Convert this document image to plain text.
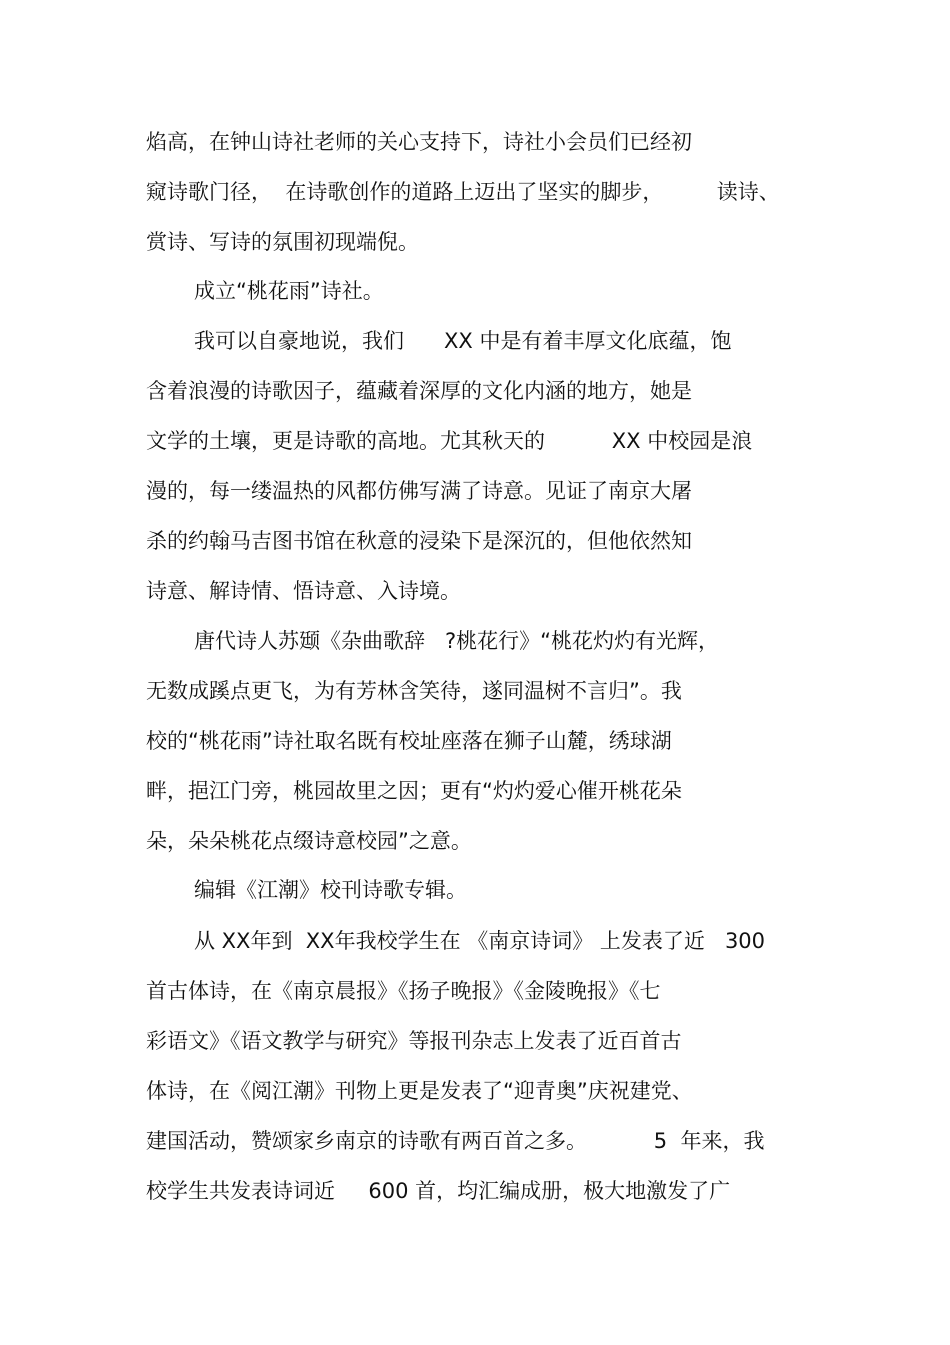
焰高，在钟山诗社老师的关心支持下，诗社小会员们已经初
窥诗歌门径，  在诗歌创作的道路上迈出了坚实的脚步，        读诗、
赏诗、写诗的氛围初现端倪。
成立“桃花雨”诗社。
我可以自豪地说，我们      XX 中是有着丰厚文化底蕴，饱
含着浪漫的诗歌因子，蕴藏着深厚的文化内涵的地方，她是
文学的土壤，更是诗歌的高地。尤其秋天的          XX 中校园是浪
漫的，每一缕温热的风都仿佛写满了诗意。见证了南京大屠
杀的约翰马吉图书馆在秋意的浸染下是深沉的，但他依然知
诗意、解诗情、悟诗意、入诗境。
唐代诗人苏颋《杂曲歌辞   ?桃花行》“桃花灼灼有光辉，
无数成蹊点更飞，为有芳林含笑待，遂同温树不言归”。我
校的“桃花雨”诗社取名既有校址座落在狮子山麓，绣球湖
畔，挹江门旁，桃园故里之因；更有“灼灼爱心催开桃花朵
朵，朵朵桃花点缀诗意校园”之意。
编辑《江潮》校刊诗歌专辑。
从 XX年到  XX年我校学生在 《南京诗词》 上发表了近   300
首古体诗，在《南京晨报》《扬子晚报》《金陵晚报》《七
彩语文》《语文教学与研究》等报刊杂志上发表了近百首古
体诗，在《阅江潮》刊物上更是发表了“迎青奥”庆祝建党、
建国活动，赞颂家乡南京的诗歌有两百首之多。          5  年来，我
校学生共发表诗词近     600 首，均汇编成册，极大地激发了广
